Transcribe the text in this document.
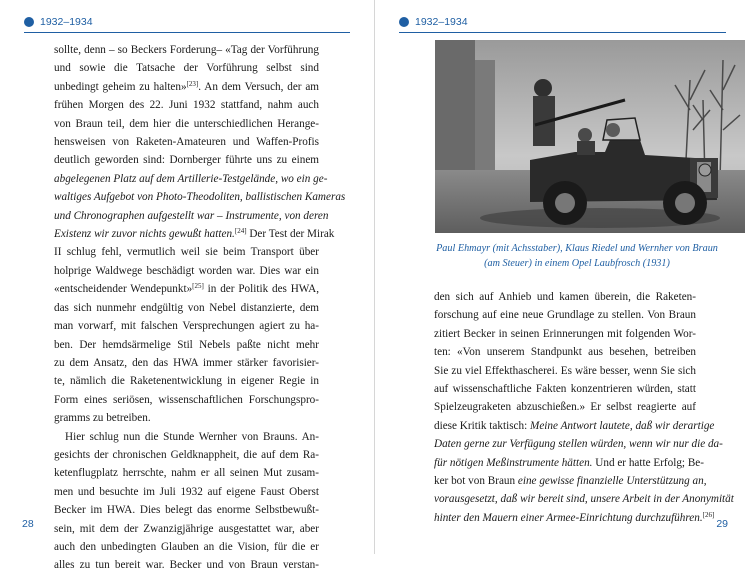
1932–1934
sollte, denn – so Beckers Forderung– «Tag der Vorführung
und sowie die Tatsache der Vorführung selbst sind
unbedingt geheim zu halten»[23]. An dem Versuch, der am
frühen Morgen des 22. Juni 1932 stattfand, nahm auch
von Braun teil, dem hier die unterschiedlichen Herange-
hensweisen von Raketen-Amateuren und Waffen-Profis
deutlich geworden sind: Dornberger führte uns zu einem
abgelegenen Platz auf dem Artillerie-Testgelände, wo ein ge-
waltiges Aufgebot von Photo-Theodoliten, ballistischen Kameras
und Chronographen aufgestellt war – Instrumente, von deren
Existenz wir zuvor nichts gewußt hatten.[24] Der Test der Mirak
II schlug fehl, vermutlich weil sie beim Transport über
holprige Waldwege beschädigt worden war. Dies war ein
«entscheidender Wendepunkt»[25] in der Politik des HWA,
das sich nunmehr endgültig von Nebel distanzierte, dem
man vorwarf, mit falschen Versprechungen agiert zu ha-
ben. Der hemdsärmelige Stil Nebels paßte nicht mehr
zu dem Ansatz, den das HWA immer stärker favorisier-
te, nämlich die Raketenentwicklung in eigener Regie in
Form eines seriösen, wissenschaftlichen Forschungspro-
gramms zu betreiben.
Hier schlug nun die Stunde Wernher von Brauns. An-
gesichts der chronischen Geldknappheit, die auf dem Ra-
ketenflugplatz herrschte, nahm er all seinen Mut zusam-
men und besuchte im Juli 1932 auf eigene Faust Oberst
Becker im HWA. Dies belegt das enorme Selbstbewußt-
sein, mit dem der Zwanzigjährige ausgestattet war, aber
auch den unbedingten Glauben an die Vision, für die er
alles zu tun bereit war. Becker und von Braun verstan-
28
1932–1934
Paul Ehmayr (mit Achsstaber), Klaus Riedel und Wernher von Braun (am Steuer) in einem Opel Laubfrosch (1931)
den sich auf Anhieb und kamen überein, die Raketen-
forschung auf eine neue Grundlage zu stellen. Von Braun
zitiert Becker in seinen Erinnerungen mit folgenden Wor-
ten: «Von unserem Standpunkt aus besehen, betreiben
Sie zu viel Effekthascherei. Es wäre besser, wenn Sie sich
auf wissenschaftliche Fakten konzentrieren würden, statt
Spielzeugraketen abzuschießen.» Er selbst reagierte auf
diese Kritik taktisch: Meine Antwort lautete, daß wir derartige
Daten gerne zur Verfügung stellen würden, wenn wir nur die da-
für nötigen Meßinstrumente hätten. Und er hatte Erfolg; Be-
ker bot von Braun eine gewisse finanzielle Unterstützung an,
vorausgesetzt, daß wir bereit sind, unsere Arbeit in der Anonymität
hinter den Mauern einer Armee-Einrichtung durchzuführen.[26]
29
